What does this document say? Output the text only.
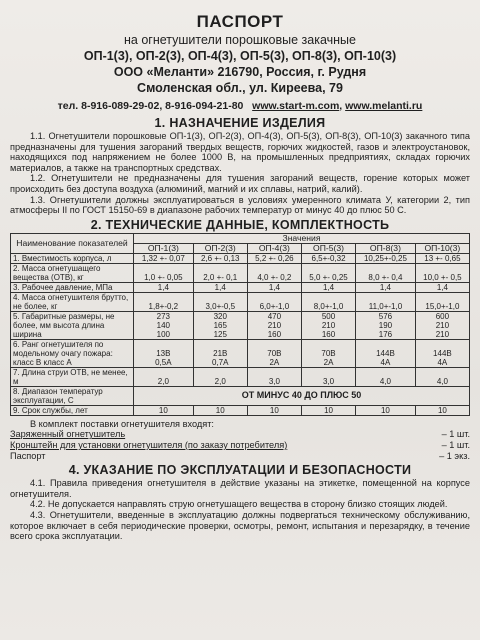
ПАСПОРТ
на огнетушители порошковые закачные
ОП-1(3), ОП-2(3), ОП-4(3), ОП-5(3), ОП-8(3), ОП-10(3)
ООО «Меланти» 216790, Россия, г. Рудня
Смоленская обл., ул. Киреева, 79
тел. 8-916-089-29-02, 8-916-094-21-80 www.start-m.com, www.melanti.ru
1. НАЗНАЧЕНИЕ ИЗДЕЛИЯ

1.1. Огнетушители порошковые ОП-1(3), ОП-2(3), ОП-4(3), ОП-5(3), ОП-8(3), ОП-10(3) закачного типа предназначены для тушения загораний твердых веществ, горючих жидкостей, газов и электроустановок, находящихся под напряжением не более 1000 В, на промышленных предприятиях, складах горючих материалов, а также на транспортных средствах.

1.2. Огнетушители не предназначены для тушения загораний веществ, горение которых может происходить без доступа воздуха (алюминий, магний и их сплавы, натрий, калий).

1.3. Огнетушители должны эксплуатироваться в условиях умеренного климата У, категории 2, тип атмосферы II по ГОСТ 15150-69 в диапазоне рабочих температур от минус 40 до плюс 50 С.

2. ТЕХНИЧЕСКИЕ ДАННЫЕ, КОМПЛЕКТНОСТЬ
Наименование показателей	Значения					
	ОП-1(3)	ОП-2(3)	ОП-4(3)	ОП-5(3)	ОП-8(3)	ОП-10(3)
1. Вместимость корпуса, л	1,32 +- 0,07	2,6 +- 0,13	5,2 +- 0,26	6,5+-0,32	10,25+-0,25	13 +- 0,65
2. Масса огнетушащего вещества (ОТВ), кг	1,0 +- 0,05	2,0 +- 0,1	4,0 +- 0,2	5,0 +- 0,25	8,0 +- 0,4	10,0 +- 0,5
3. Рабочее давление, МПа	1,4	1,4	1,4	1,4	1,4	1,4
4. Масса огнетушителя брутто, не более, кг	1,8+-0,2	3,0+-0,5	6,0+-1,0	8,0+-1,0	11,0+-1,0	15,0+-1,0
5. Габаритные размеры, не более, мм высота длина ширина	273
140
100	320
165
125	470
210
160	500
210
160	576
190
176	600
210
210
6. Ранг огнетушителя по модельному очагу пожара: класс В класс А	13В
0,5А	21В
0,7А	70В
2А	70В
2А	144В
4А	144В
4А
7. Длина струи ОТВ, не менее, м	2,0	2,0	3,0	3,0	4,0	4,0
8. Диапазон температур эксплуатации, С	ОТ МИНУС 40 ДО ПЛЮС 50					
9. Срок службы, лет	10	10	10	10	10	10
В комплект поставки огнетушителя входят:
Заряженный огнетушитель	– 1 шт.
Кронштейн для установки огнетушителя (по заказу потребителя)	– 1 шт.
Паспорт	– 1 экз.
4. УКАЗАНИЕ ПО ЭКСПЛУАТАЦИИ И БЕЗОПАСНОСТИ

4.1. Правила приведения огнетушителя в действие указаны на этикетке, помещенной на корпусе огнетушителя.

4.2. Не допускается направлять струю огнетушащего вещества в сторону близко стоящих людей.

4.3. Огнетушители, введенные в эксплуатацию должны подвергаться техническому обслуживанию, которое включает в себя периодические проверки, осмотры, ремонт, испытания и перезарядку, в течение всего срока эксплуатации.
